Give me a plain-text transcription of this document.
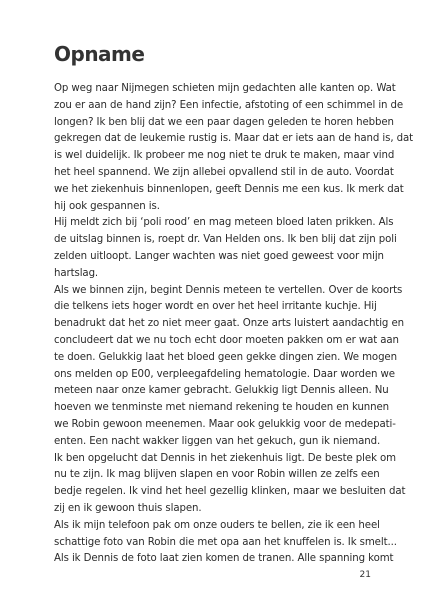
Opname

Op weg naar Nijmegen schieten mijn gedachten alle kanten op. Wat
zou er aan de hand zijn? Een infectie, afstoting of een schimmel in de
longen? Ik ben blij dat we een paar dagen geleden te horen hebben
gekregen dat de leukemie rustig is. Maar dat er iets aan de hand is, dat
is wel duidelijk. Ik probeer me nog niet te druk te maken, maar vind
het heel spannend. We zijn allebei opvallend stil in de auto. Voordat
we het ziekenhuis binnenlopen, geeft Dennis me een kus. Ik merk dat
hij ook gespannen is.

Hij meldt zich bij ‘poli rood’ en mag meteen bloed laten prikken. Als
de uitslag binnen is, roept dr. Van Helden ons. Ik ben blij dat zijn poli
zelden uitloopt. Langer wachten was niet goed geweest voor mijn
hartslag.

Als we binnen zijn, begint Dennis meteen te vertellen. Over de koorts
die telkens iets hoger wordt en over het heel irritante kuchje. Hij
benadrukt dat het zo niet meer gaat. Onze arts luistert aandachtig en
concludeert dat we nu toch echt door moeten pakken om er wat aan
te doen. Gelukkig laat het bloed geen gekke dingen zien. We mogen
ons melden op E00, verpleegafdeling hematologie. Daar worden we
meteen naar onze kamer gebracht. Gelukkig ligt Dennis alleen. Nu
hoeven we tenminste met niemand rekening te houden en kunnen
we Robin gewoon meenemen. Maar ook gelukkig voor de medepati-
enten. Een nacht wakker liggen van het gekuch, gun ik niemand.

Ik ben opgelucht dat Dennis in het ziekenhuis ligt. De beste plek om
nu te zijn. Ik mag blijven slapen en voor Robin willen ze zelfs een
bedje regelen. Ik vind het heel gezellig klinken, maar we besluiten dat
zij en ik gewoon thuis slapen.

Als ik mijn telefoon pak om onze ouders te bellen, zie ik een heel
schattige foto van Robin die met opa aan het knuffelen is. Ik smelt...
Als ik Dennis de foto laat zien komen de tranen. Alle spanning komt

21
